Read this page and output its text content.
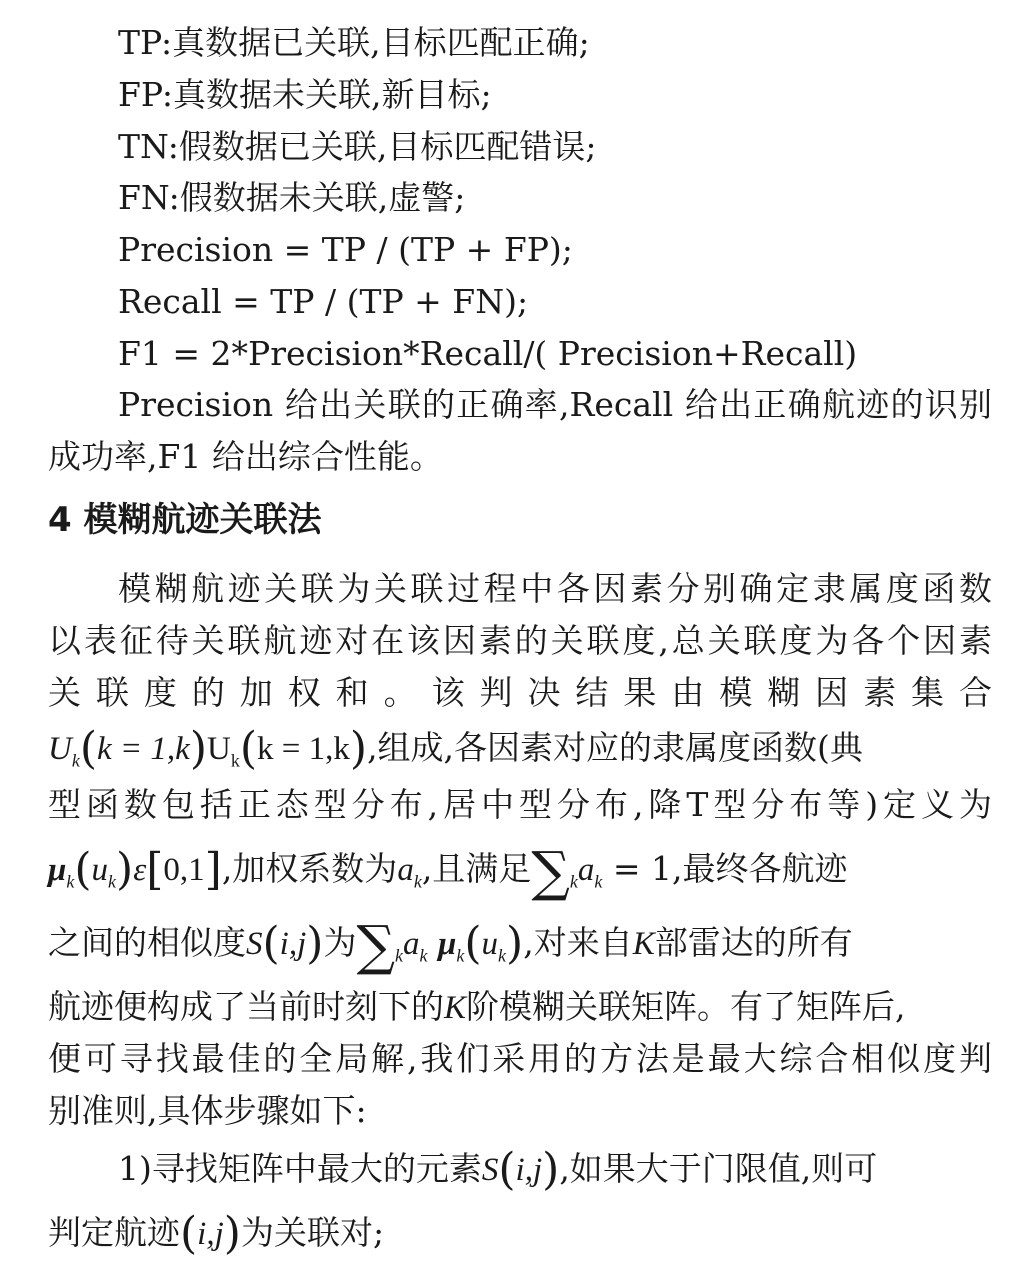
TP:真数据已关联,目标匹配正确;
FP:真数据未关联,新目标;
TN:假数据已关联,目标匹配错误;
FN:假数据未关联,虚警;
Precision = TP / (TP + FP);
Recall = TP / (TP + FN);
F1 = 2*Precision*Recall/( Precision+Recall)
Precision 给出关联的正确率,Recall 给出正确航迹的识别
成功率,F1 给出综合性能。
4 模糊航迹关联法
模糊航迹关联为关联过程中各因素分别确定隶属度函数
以表征待关联航迹对在该因素的关联度,总关联度为各个因素
关 联 度 的 加 权 和 。 该 判 决 结 果 由 模 糊 因 素 集 合
$U_k(k = 1,k)U_k(k = 1,k)$,组成,各因素对应的隶属度函数(典
型函数包括正态型分布,居中型分布,降T型分布等)定义为
$\mu_k(u_k)\varepsilon[0,1]$,加权系数为$a_k$,且满足$\sum_ka_k = 1$,最终各航迹
之间的相似度S(i,j)为$\sum_ka_k$ $\mu_k(u_k)$,对来自K部雷达的所有
航迹便构成了当前时刻下的K阶模糊关联矩阵。有了矩阵后,
便可寻找最佳的全局解,我们采用的方法是最大综合相似度判
别准则,具体步骤如下:
1)寻找矩阵中最大的元素S(i,j),如果大于门限值,则可
判定航迹(i,j)为关联对;
